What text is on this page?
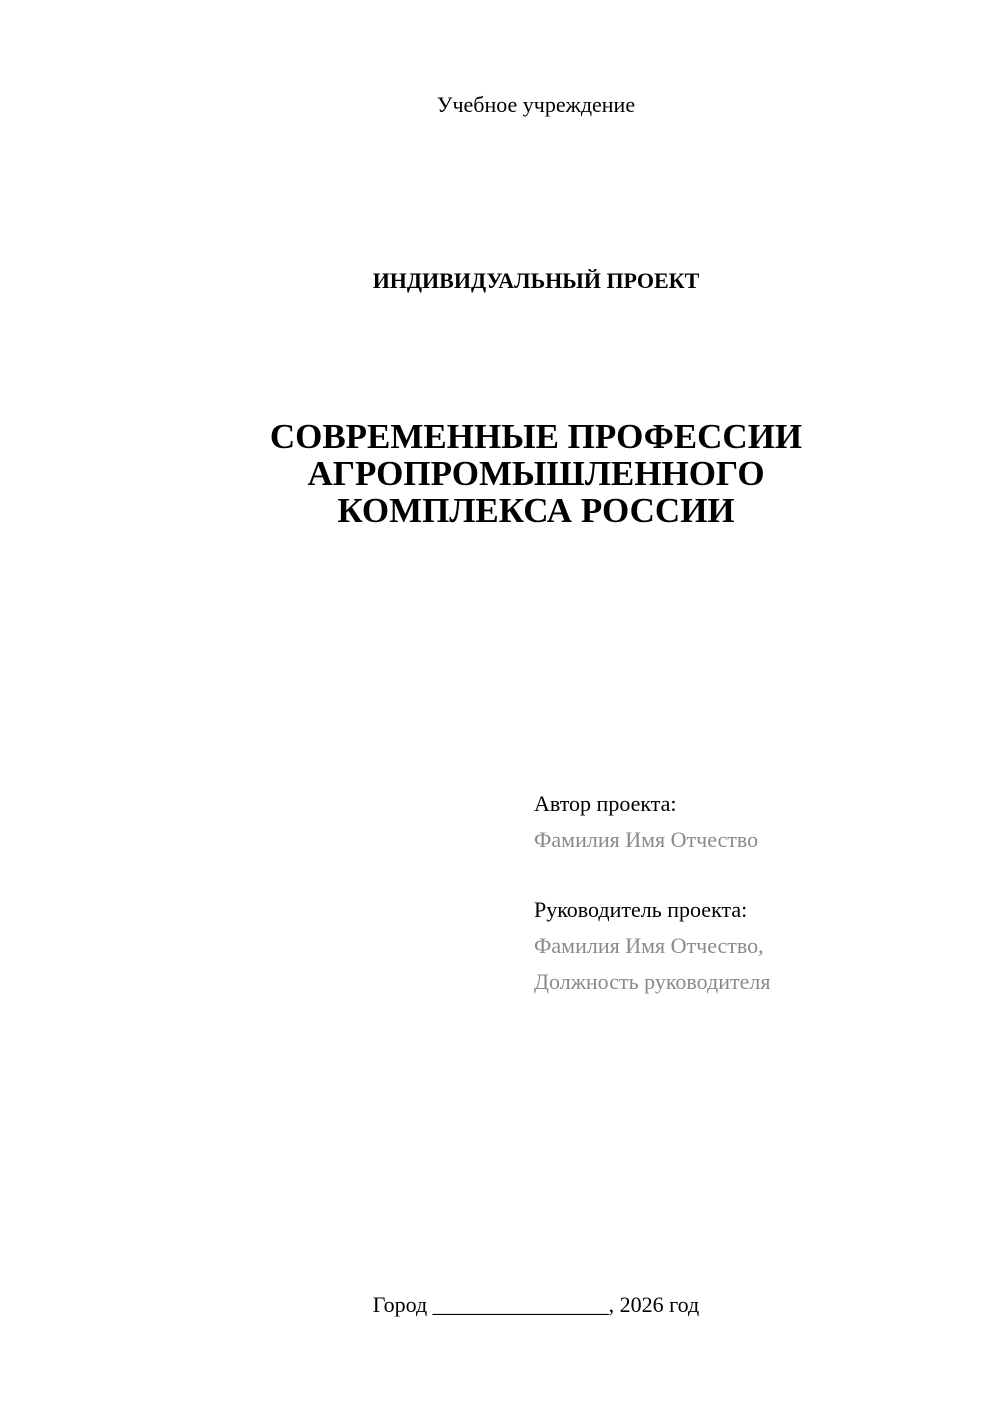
Учебное учреждение
ИНДИВИДУАЛЬНЫЙ ПРОЕКТ
СОВРЕМЕННЫЕ ПРОФЕССИИ
АГРОПРОМЫШЛЕННОГО
КОМПЛЕКСА РОССИИ
Автор проекта:
Фамилия Имя Отчество
Руководитель проекта:
Фамилия Имя Отчество,
Должность руководителя
Город ________________, 2026 год
